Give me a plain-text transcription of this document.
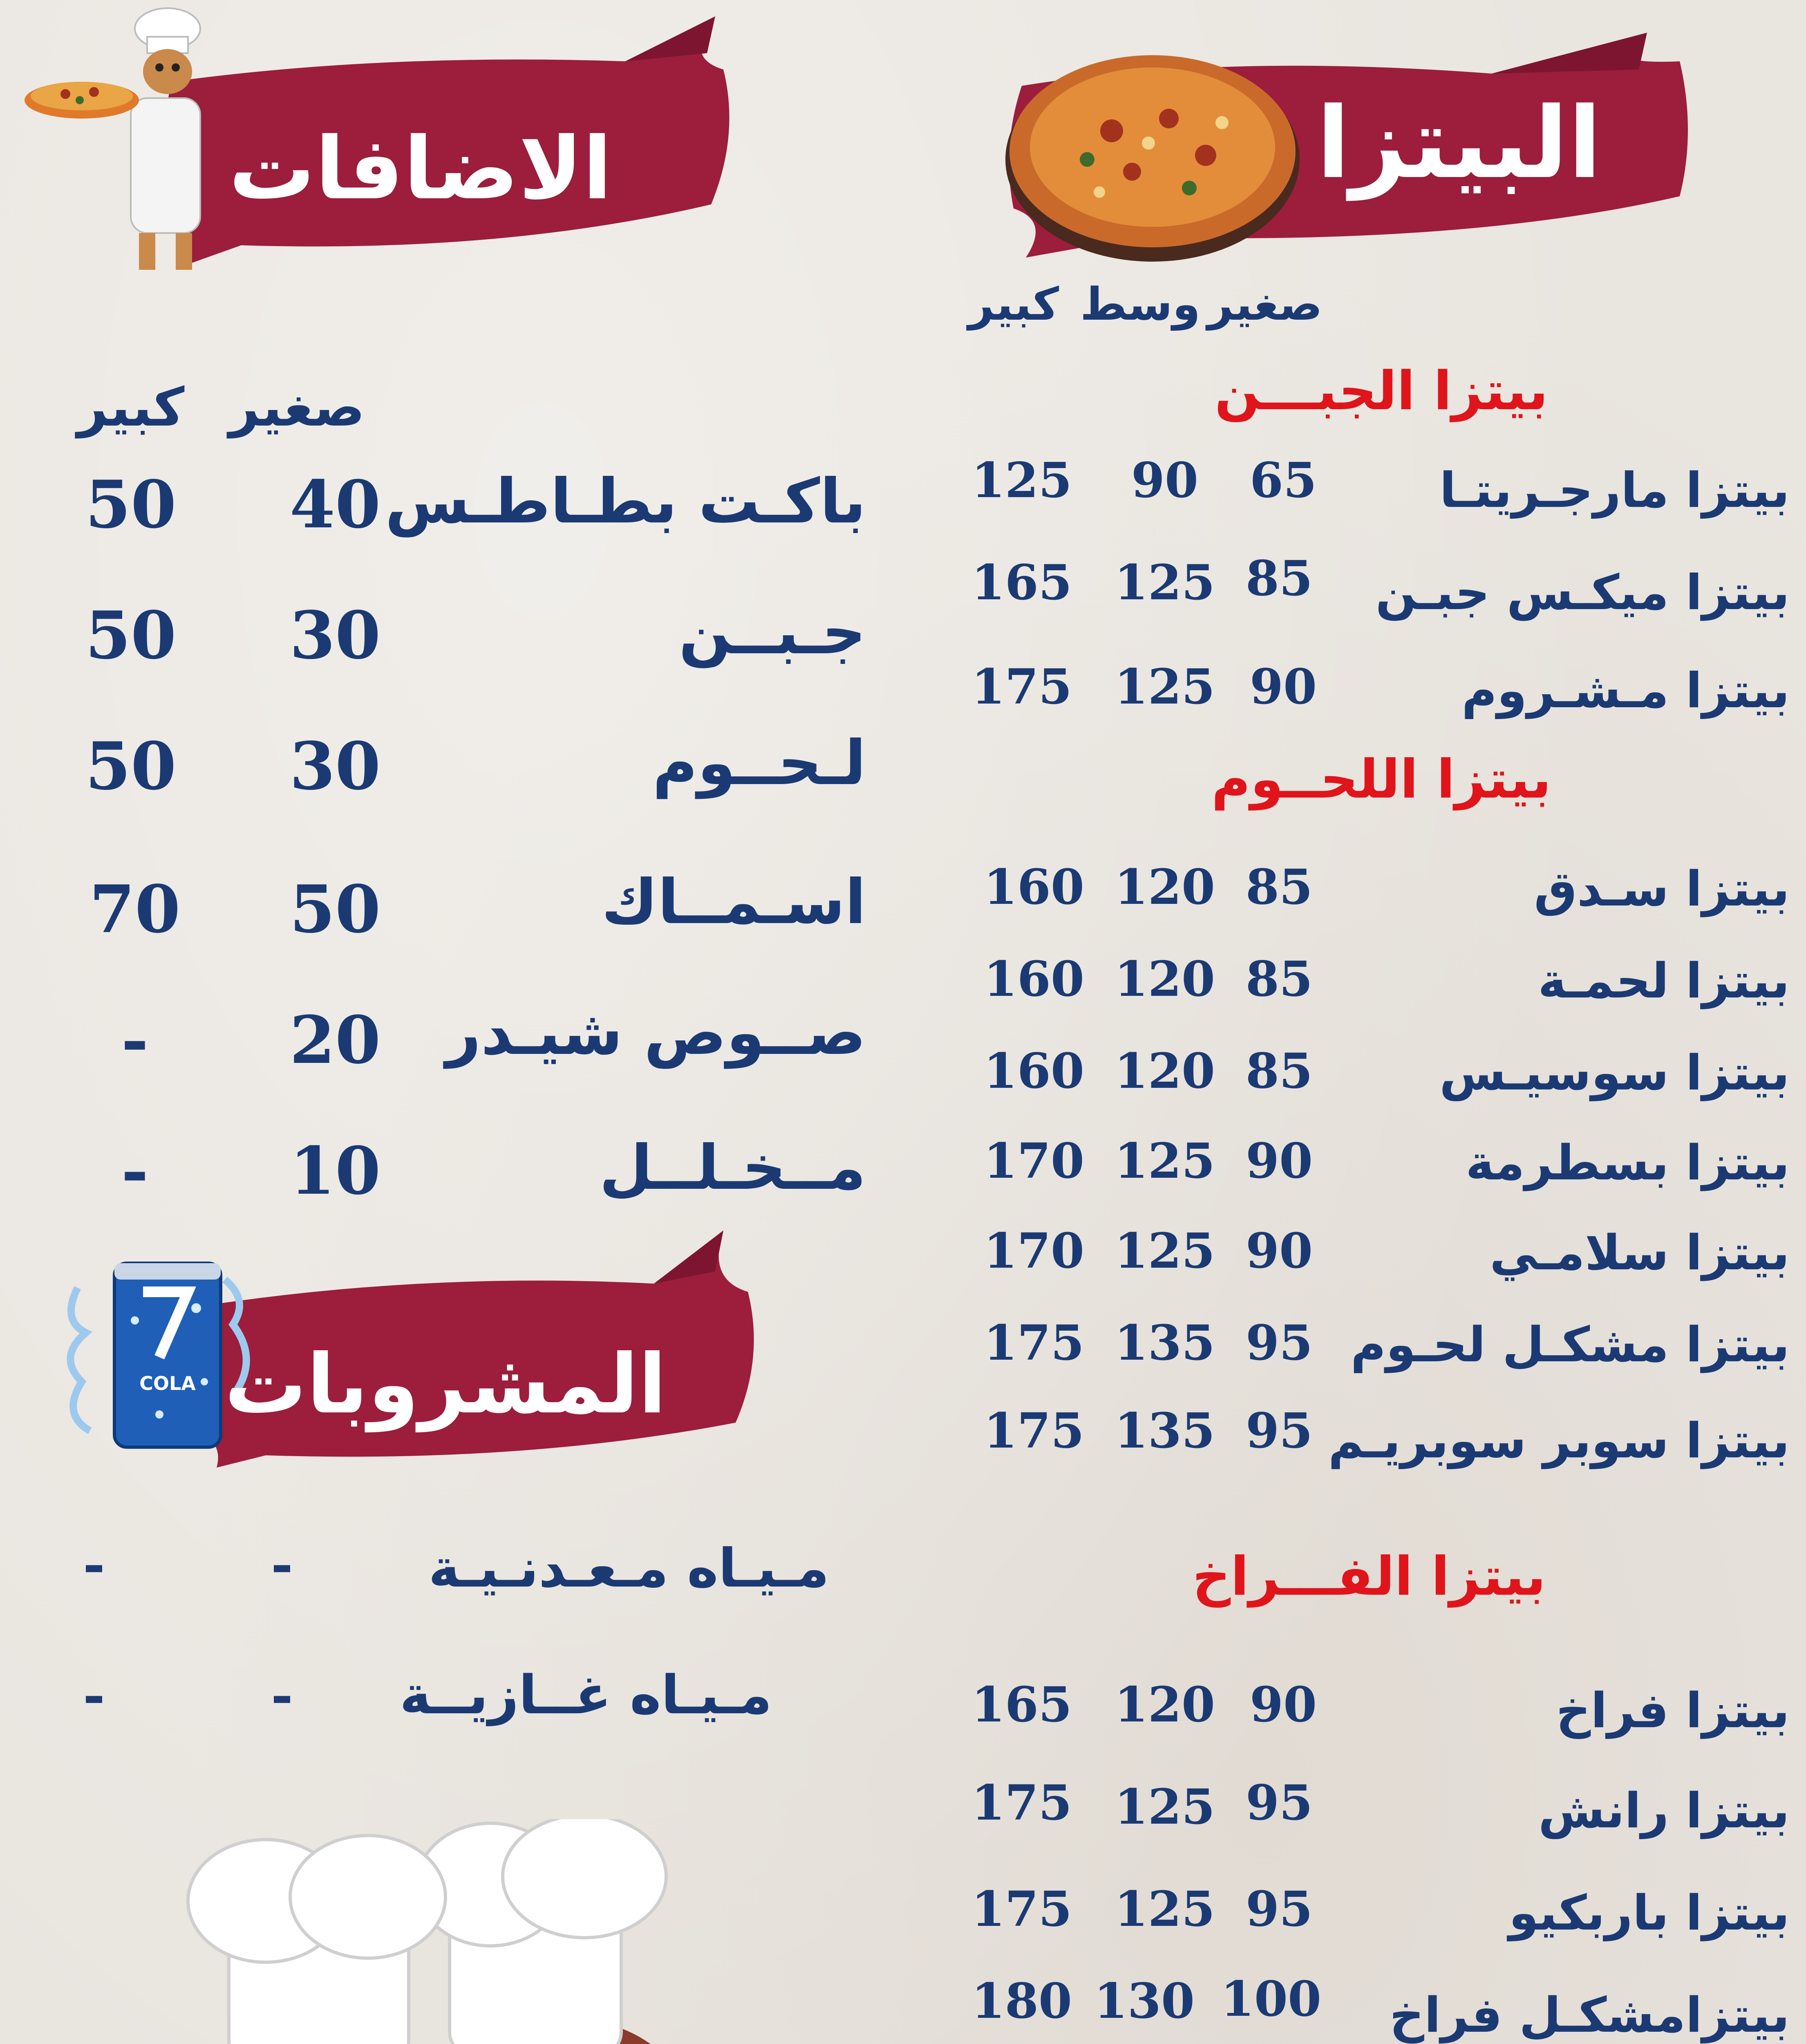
البيتزا
صغير
وسط
كبير
بيتزا الجبـــن
بيتزا مارجـريتـا
65
90
125
بيتزا ميكـس جبـن
85
125
165
بيتزا مـشـروم
90
125
175
بيتزا اللحــوم
بيتزا سـدق
85
120
160
بيتزا لحمـة
85
120
160
بيتزا سوسيـس
85
120
160
بيتزا بسطرمة
90
125
170
بيتزا سلامـي
90
125
170
بيتزا مشكـل لحـوم
95
135
175
بيتزا سوبر سوبريـم
95
135
175
بيتزا الفـــراخ
بيتزا فراخ
90
120
165
بيتزا رانش
95
125
175
بيتزا باربكيو
95
125
175
بيتزامشكـل فراخ
100
130
180
الاضافات
صغير
كبير
باكـت بطـاطـس
40
50
جـبــن
30
50
لـحــوم
30
50
اسـمــاك
50
70
صــوص شيـدر
20
-
مــخـلــل
10
-
COLA المشروبات
مـيـاه مـعـدنـيـة
-
-
مـيـاه غــازيــة
-
-
